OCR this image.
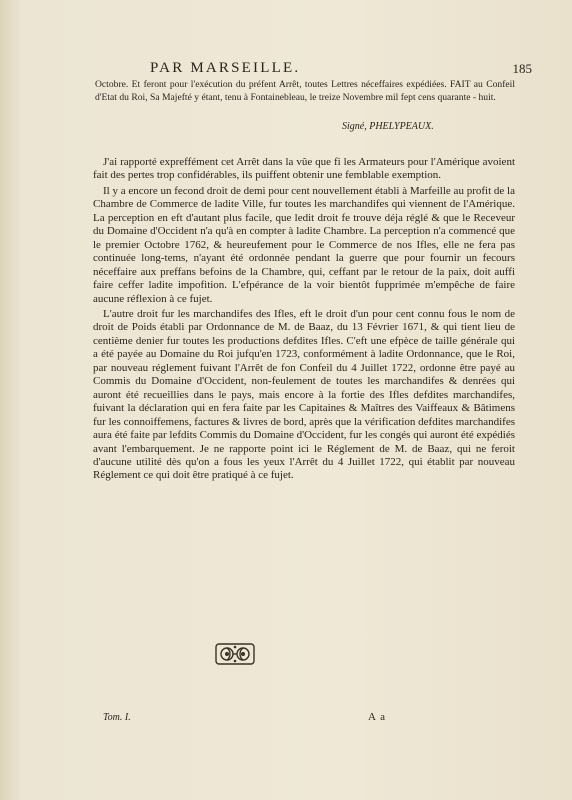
PAR MARSEILLE.	185
Octobre. Et feront pour l'exécution du préfent Arrêt, toutes Lettres néceffaires expédiées. FAIT au Confeil d'Etat du Roi, Sa Majefté y étant, tenu à Fontainebleau, le treize Novembre mil fept cens quarante - huit.
Signé, PHELYPEAUX.

J'ai rapporté expreffément cet Arrêt dans la vûe que fi les Armateurs pour l'Amérique avoient fait des pertes trop confidérables, ils puiffent obtenir une femblable exemption.

Il y a encore un fecond droit de demi pour cent nouvellement établi à Marfeille au profit de la Chambre de Commerce de ladite Ville, fur toutes les marchandifes qui viennent de l'Amérique. La perception en eft d'autant plus facile, que ledit droit fe trouve déja réglé & que le Receveur du Domaine d'Occident n'a qu'à en compter à ladite Chambre. La perception n'a commencé que le premier Octobre 1762, & heureufement pour le Commerce de nos Ifles, elle ne fera pas continuée long-tems, n'ayant été ordonnée pendant la guerre que pour fournir un fecours néceffaire aux preffans befoins de la Chambre, qui, ceffant par le retour de la paix, doit auffi faire ceffer ladite impofition. L'efpérance de la voir bientôt fupprimée m'empêche de faire aucune réflexion à ce fujet.

L'autre droit fur les marchandifes des Ifles, eft le droit d'un pour cent connu fous le nom de droit de Poids établi par Ordonnance de M. de Baaz, du 13 Février 1671, & qui tient lieu de centième denier fur toutes les productions defdites Ifles. C'eft une efpèce de taille générale qui a été payée au Domaine du Roi jufqu'en 1723, conformément à ladite Ordonnance, que le Roi, par nouveau réglement fuivant l'Arrêt de fon Confeil du 4 Juillet 1722, ordonne être payé au Commis du Domaine d'Occident, non-feulement de toutes les marchandifes & denrées qui auront été recueillies dans le pays, mais encore à la fortie des Ifles defdites marchandifes, fuivant la déclaration qui en fera faite par les Capitaines & Maîtres des Vaiffeaux & Bâtimens fur les connoiffemens, factures & livres de bord, après que la vérification defdites marchandifes aura été faite par lefdits Commis du Domaine d'Occident, fur les congés qui auront été expédiés avant l'embarquement. Je ne rapporte point ici le Réglement de M. de Baaz, qui ne feroit d'aucune utilité dès qu'on a fous les yeux l'Arrêt du 4 Juillet 1722, qui établit par nouveau Réglement ce qui doit être pratiqué à ce fujet.

Tom. I.	A a
